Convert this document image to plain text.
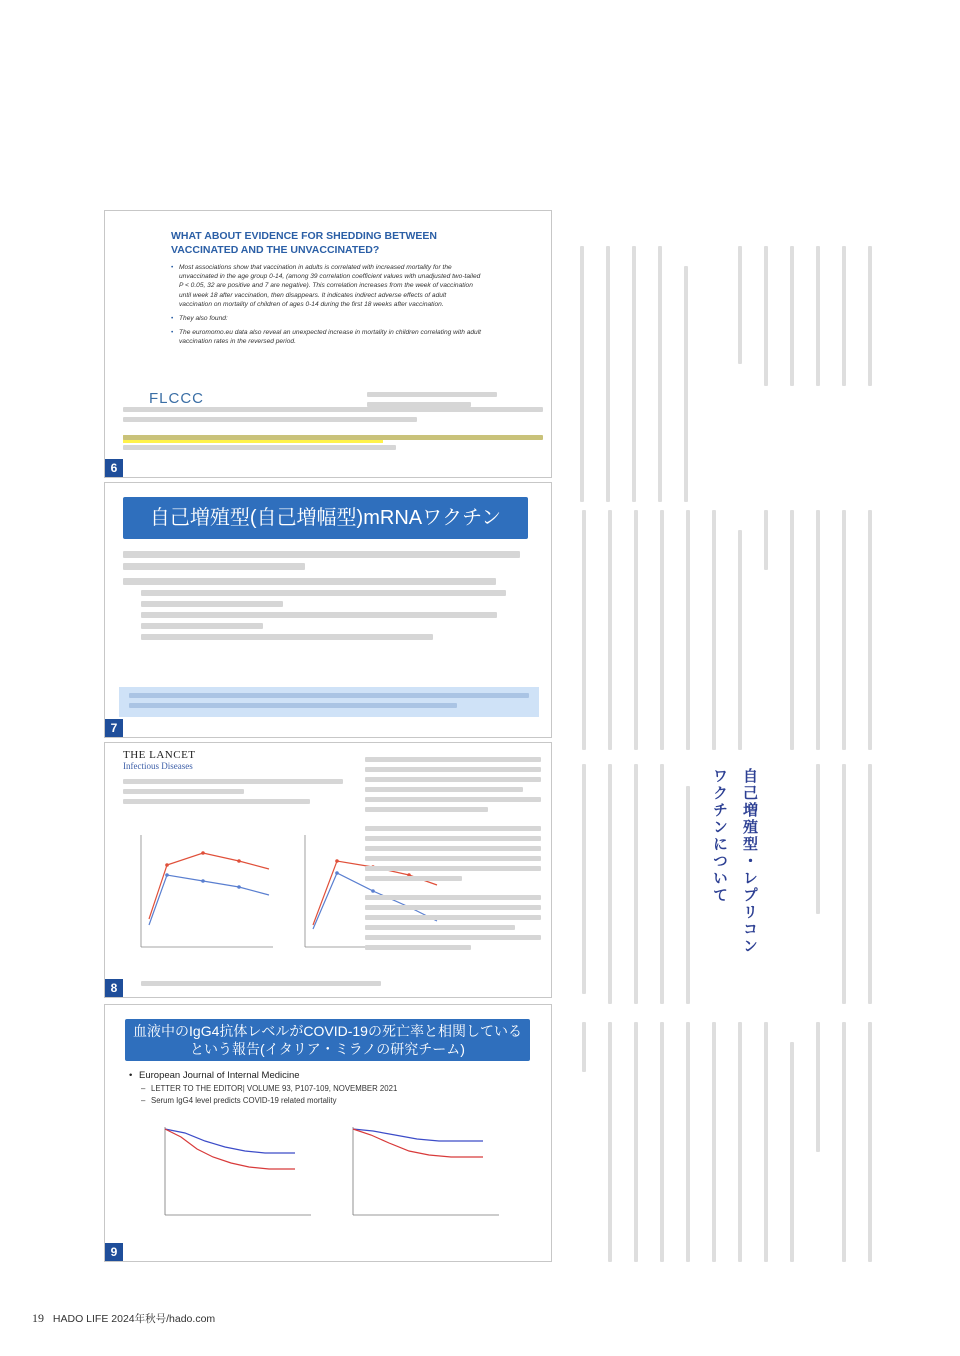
WHAT ABOUT EVIDENCE FOR SHEDDING BETWEEN VACCINATED AND THE UNVACCINATED?
• Most associations show that vaccination in adults is correlated with increased mortality for the unvaccinated in the age group 0-14, (among 39 correlation coefficient values with unadjusted two-tailed P < 0.05, 32 are positive and 7 are negative). This correlation increases from the week of vaccination until week 18 after vaccination, then disappears. It indicates indirect adverse effects of adult vaccination on mortality of children of ages 0-14 during the first 18 weeks after vaccination.
• They also found:
• The euromomo.eu data also reveal an unexpected increase in mortality in children correlating with adult vaccination rates in the reversed period.
FLCCC
6
自己増殖型(自己増幅型)mRNAワクチン
7
THE LANCET
Infectious Diseases
8
血液中のIgG4抗体レベルがCOVID-19の死亡率と相関している
という報告(イタリア・ミラノの研究チーム)
• European Journal of Internal Medicine
– LETTER TO THE EDITOR| VOLUME 93, P107-109, NOVEMBER 2021
– Serum IgG4 level predicts COVID-19 related mortality
9
自己増殖型・レプリコン
ワクチンについて
19 HADO LIFE 2024年秋号/hado.com
